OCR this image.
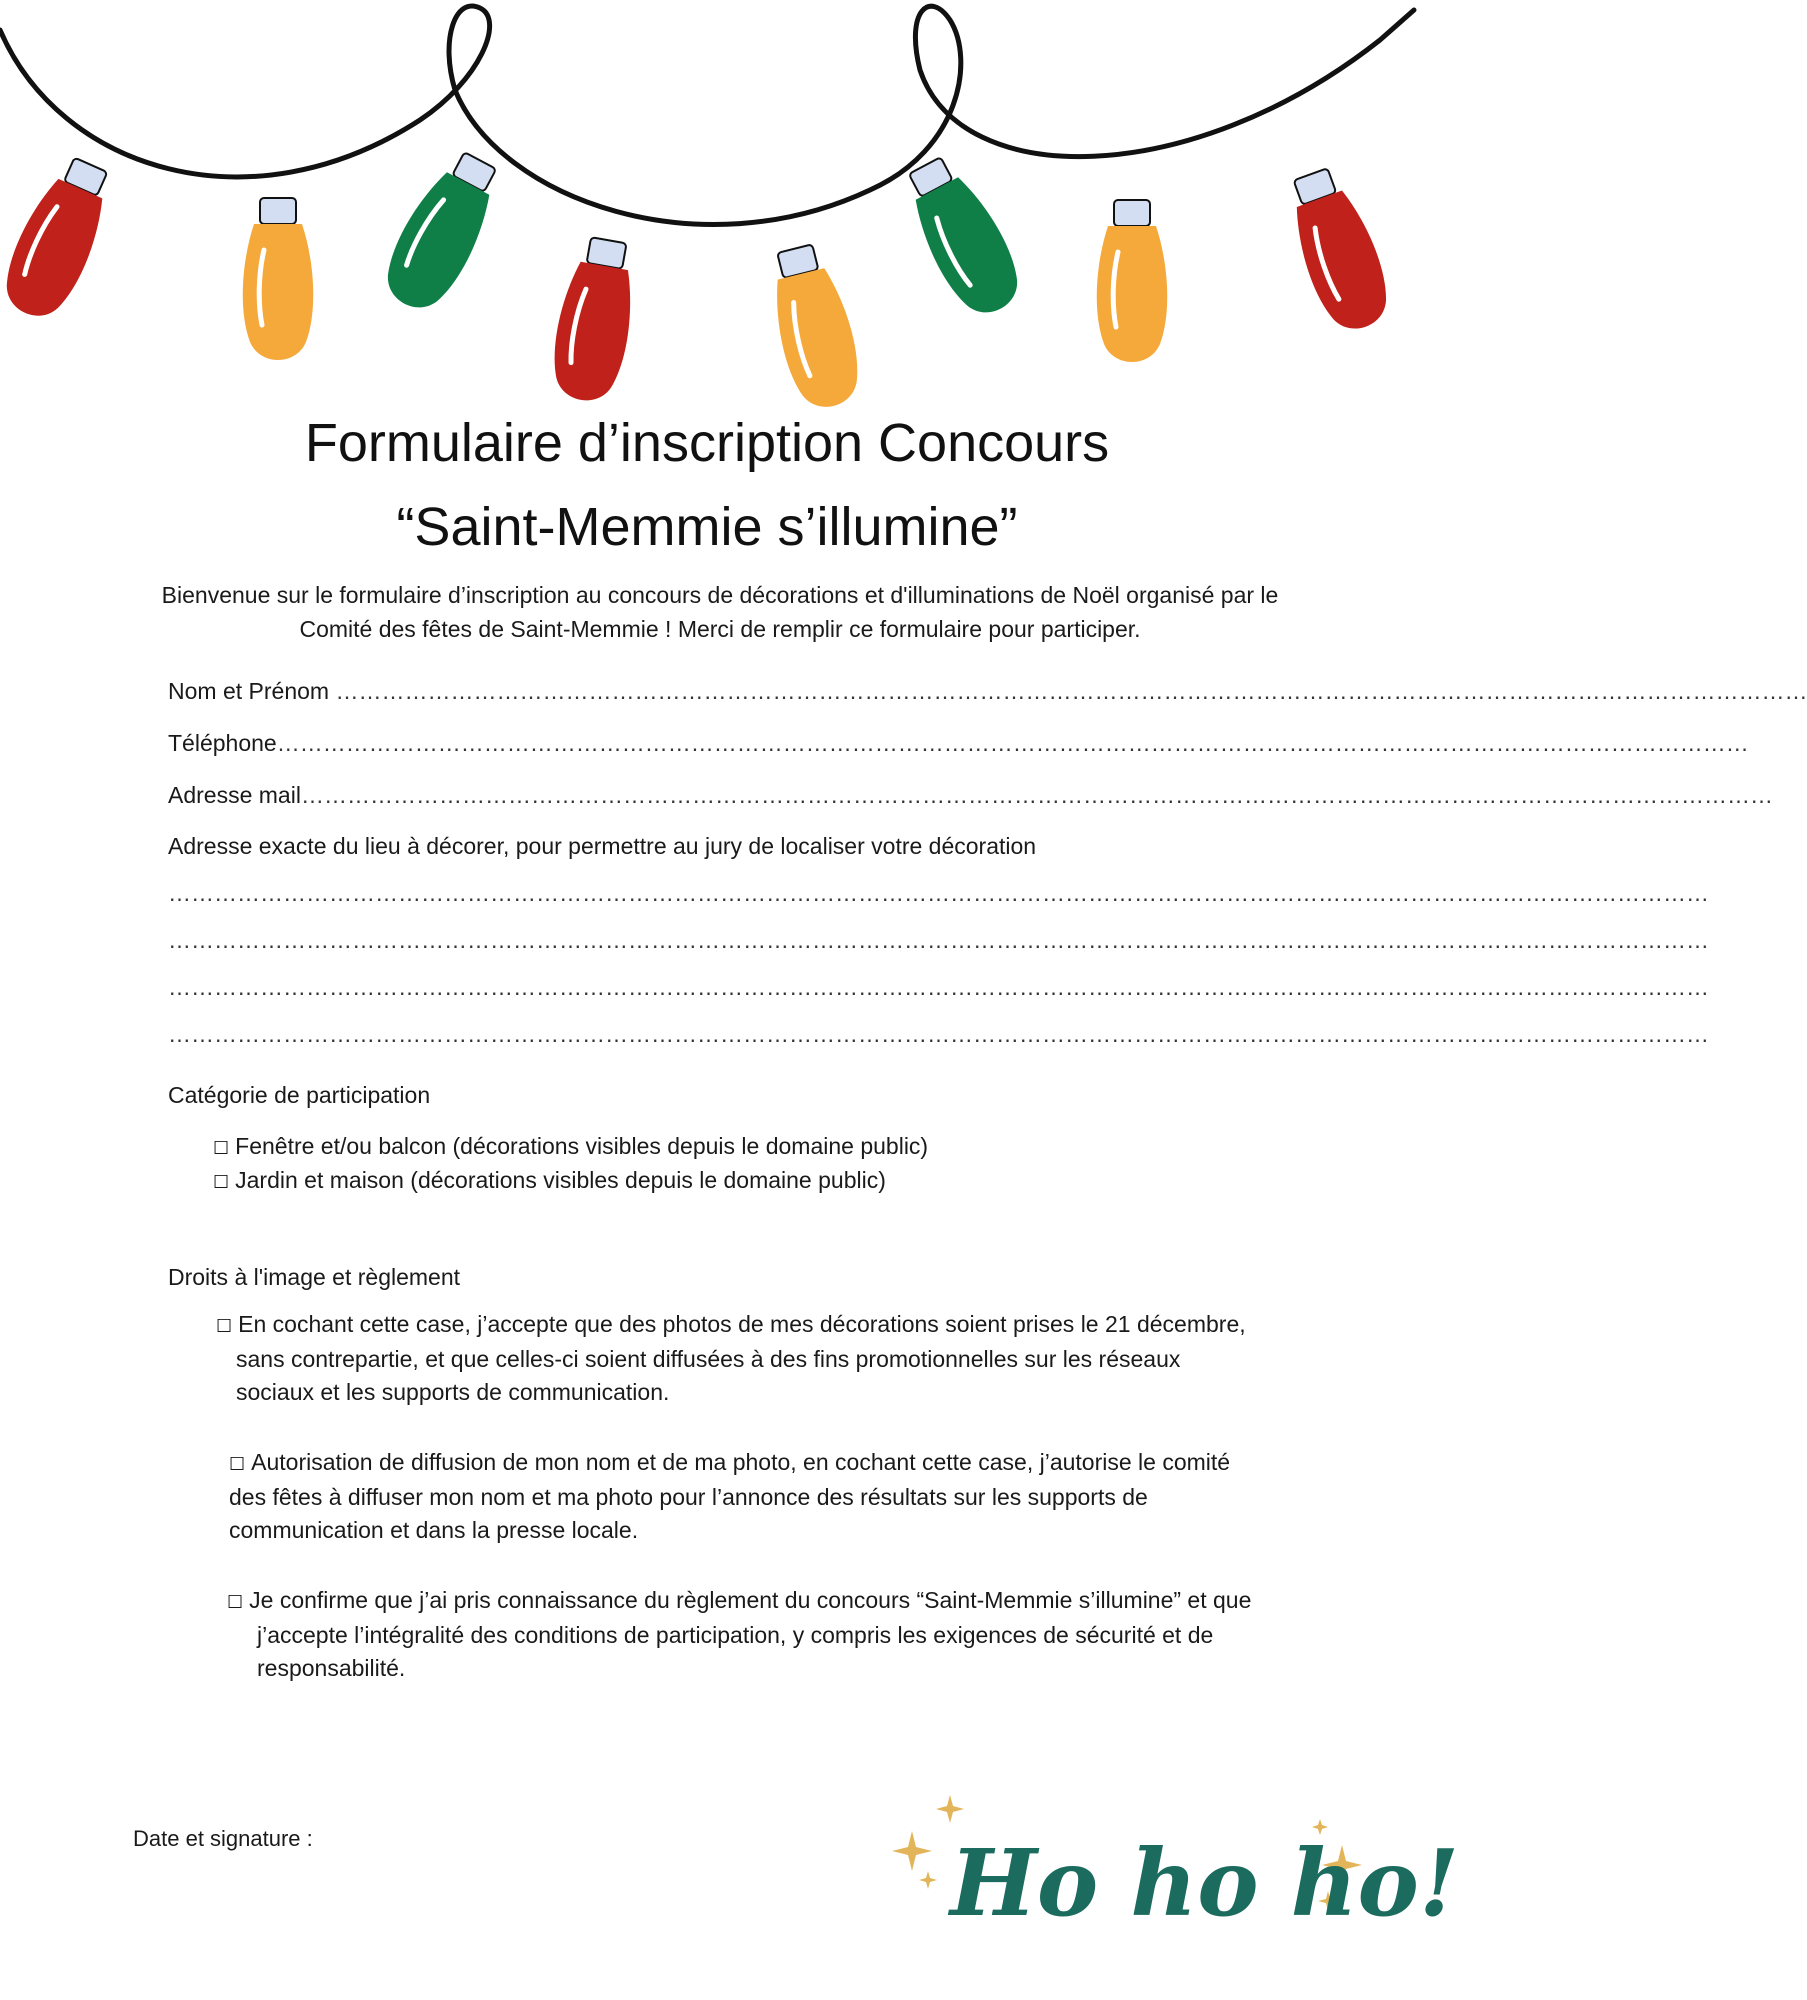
Formulaire d’inscription Concours
“Saint-Memmie s’illumine”

Bienvenue sur le formulaire d’inscription au concours de décorations et d'illuminations de Noël organisé par le Comité des fêtes de Saint-Memmie ! Merci de remplir ce formulaire pour participer.

Nom et Prénom …………………………………………………………………………………………………………………………………………………………………………
Téléphone…………………………………………………………………………………………………………………………………………………………………………
Adresse mail…………………………………………………………………………………………………………………………………………………………………………
Adresse exacte du lieu à décorer, pour permettre au jury de localiser votre décoration
…………………………………………………………………………………………………………………………………………………………………………………
…………………………………………………………………………………………………………………………………………………………………………………
…………………………………………………………………………………………………………………………………………………………………………………
…………………………………………………………………………………………………………………………………………………………………………………
Catégorie de participation
☐ Fenêtre et/ou balcon (décorations visibles depuis le domaine public)
☐ Jardin et maison (décorations visibles depuis le domaine public)
Droits à l'image et règlement
☐ En cochant cette case, j’accepte que des photos de mes décorations soient prises le 21 décembre, sans contrepartie, et que celles-ci soient diffusées à des fins promotionnelles sur les réseaux sociaux et les supports de communication.
☐ Autorisation de diffusion de mon nom et de ma photo, en cochant cette case, j’autorise le comité des fêtes à diffuser mon nom et ma photo pour l’annonce des résultats sur les supports de communication et dans la presse locale.
☐ Je confirme que j’ai pris connaissance du règlement du concours “Saint-Memmie s’illumine” et que j’accepte l’intégralité des conditions de participation, y compris les exigences de sécurité et de responsabilité.
Date et signature :	Ho ho ho!
